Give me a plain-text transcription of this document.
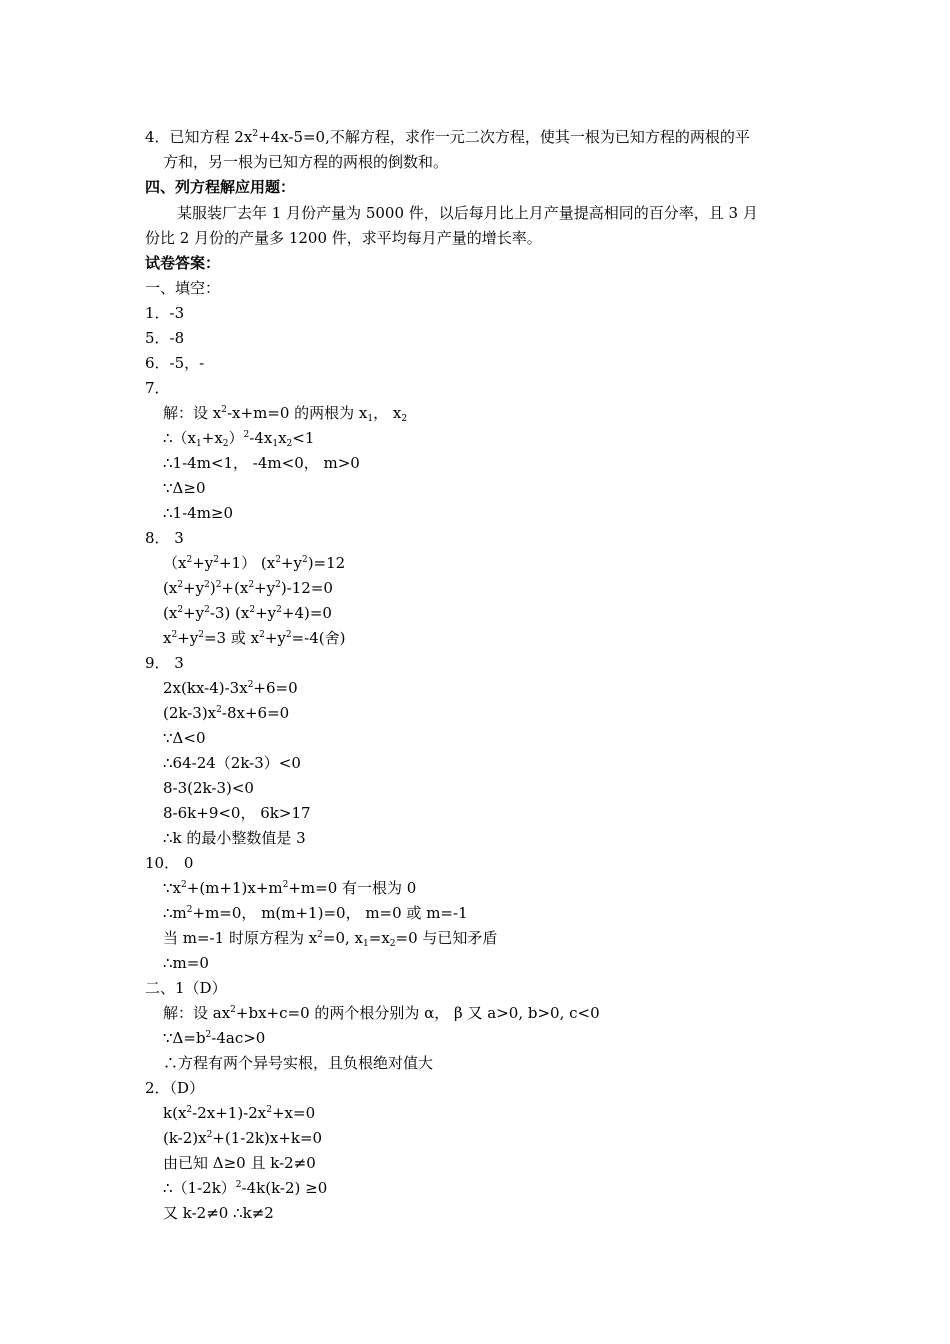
4．已知方程 $2x^2+4x-5=0$,不解方程，求作一元二次方程，使其一根为已知方程的两根的平
方和，另一根为已知方程的两根的倒数和。
四、列方程解应用题：
某服装厂去年 1 月份产量为 5000 件，以后每月比上月产量提高相同的百分率，且 3 月
份比 2 月份的产量多 1200 件，求平均每月产量的增长率。
试卷答案：
一、填空：
1．-3
5．-8
6．-5，-
7．
解：设 $x^2-x+m=0$ 的两根为 $x_1$， $x_2$
$\therefore(x_1+x_2)^2-4x_1x_2<1$
∴1-4m<1， -4m<0， m>0
∵Δ≥0
∴1-4m≥0
8． 3
$(x^2+y^2+1)$ $(x^2+y^2)=12$
$(x^2+y^2)^2+(x^2+y^2)-12=0$
$(x^2+y^2-3)$ $(x^2+y^2+4)=0$
$x^2+y^2=3$ 或 $x^2+y^2=-4$(舍)
9． 3
$2x(kx-4)-3x^2+6=0$
$(2k-3)x^2-8x+6=0$
∵Δ<0
∴64-24（2k-3）<0
8-3(2k-3)<0
8-6k+9<0， 6k>17
∴k 的最小整数值是 3
10． 0
$\because x^2+(m+1)x+m^2+m=0$ 有一根为 0
$\therefore m^2+m=0$， m(m+1)=0， m=0 或 m=-1
当 m=-1 时原方程为 $x^2=0$, $x_1=x_2=0$ 与已知矛盾
∴m=0
二、1（D）
解：设 $ax^2+bx+c=0$ 的两个根分别为 α， β 又 a>0, b>0, c<0
$\because\Delta=b^2-4ac>0$
∴方程有两个异号实根，且负根绝对值大
2．（D）
$k(x^2-2x+1)-2x^2+x=0$
$(k-2)x^2+(1-2k)x+k=0$
由已知 Δ≥0 且 k-2≠0
$\therefore(1-2k)^2-4k(k-2) \ge 0$
又 k-2≠0 ∴k≠2
